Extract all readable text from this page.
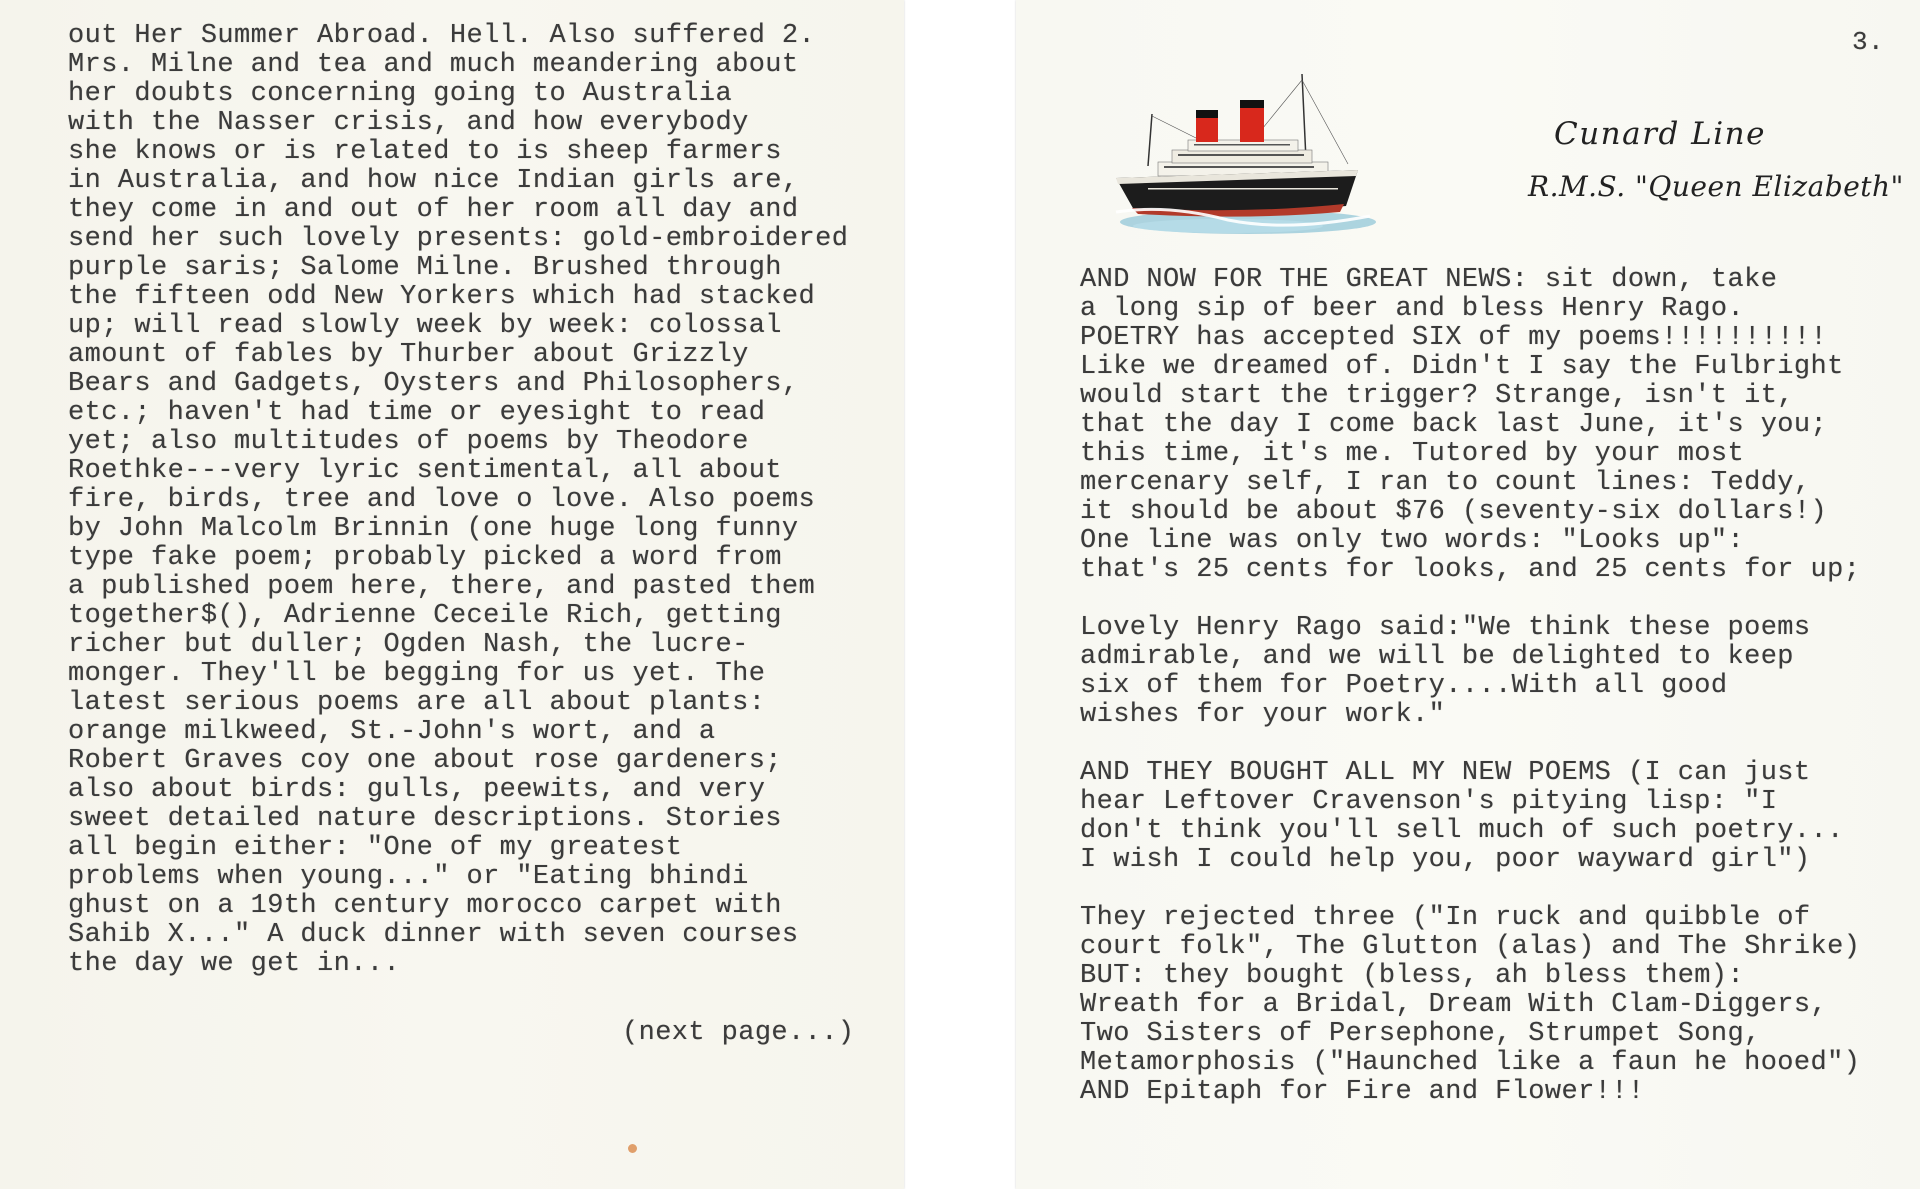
out Her Summer Abroad. Hell. Also suffered 2.
Mrs. Milne and tea and much meandering about
her doubts concerning going to Australia
with the Nasser crisis, and how everybody
she knows or is related to is sheep farmers
in Australia, and how nice Indian girls are,
they come in and out of her room all day and
send her such lovely presents: gold-embroidered
purple saris; Salome Milne. Brushed through
the fifteen odd New Yorkers which had stacked
up; will read slowly week by week: colossal
amount of fables by Thurber about Grizzly
Bears and Gadgets, Oysters and Philosophers,
etc.; haven't had time or eyesight to read
yet; also multitudes of poems by Theodore
Roethke---very lyric sentimental, all about
fire, birds, tree and love o love. Also poems
by John Malcolm Brinnin (one huge long funny
type fake poem; probably picked a word from
a published poem here, there, and pasted them
together$(), Adrienne Ceceile Rich, getting
richer but duller; Ogden Nash, the lucre-
monger. They'll be begging for us yet. The
latest serious poems are all about plants:
orange milkweed, St.-John's wort, and a
Robert Graves coy one about rose gardeners;
also about birds: gulls, peewits, and very
sweet detailed nature descriptions. Stories
all begin either: "One of my greatest
problems when young..." or "Eating bhindi
ghust on a 19th century morocco carpet with
Sahib X..." A duck dinner with seven courses
the day we get in...
(next page...)
3.
Cunard Line
R.M.S. "Queen Elizabeth"
AND NOW FOR THE GREAT NEWS: sit down, take
a long sip of beer and bless Henry Rago.
POETRY has accepted SIX of my poems!!!!!!!!!!
Like we dreamed of. Didn't I say the Fulbright
would start the trigger? Strange, isn't it,
that the day I come back last June, it's you;
this time, it's me. Tutored by your most
mercenary self, I ran to count lines: Teddy,
it should be about $76 (seventy-six dollars!)
One line was only two words: "Looks up":
that's 25 cents for looks, and 25 cents for up;

Lovely Henry Rago said:"We think these poems
admirable, and we will be delighted to keep
six of them for Poetry....With all good
wishes for your work."

AND THEY BOUGHT ALL MY NEW POEMS (I can just
hear Leftover Cravenson's pitying lisp: "I
don't think you'll sell much of such poetry...
I wish I could help you, poor wayward girl")

They rejected three ("In ruck and quibble of
court folk", The Glutton (alas) and The Shrike)
BUT: they bought (bless, ah bless them):
Wreath for a Bridal, Dream With Clam-Diggers,
Two Sisters of Persephone, Strumpet Song,
Metamorphosis ("Haunched like a faun he hooed")
AND Epitaph for Fire and Flower!!!
